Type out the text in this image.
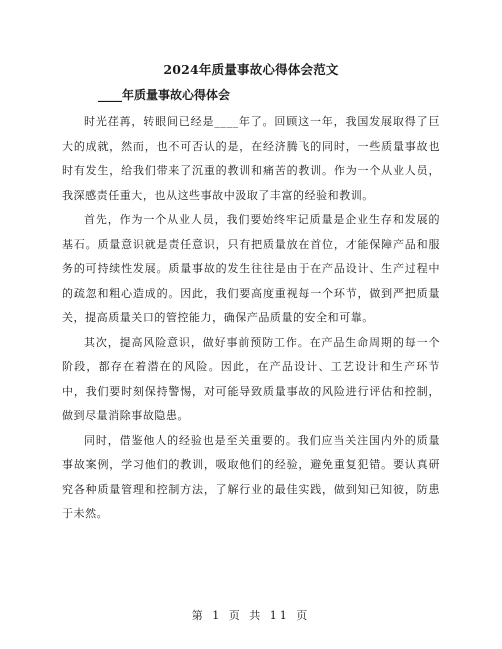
2024年质量事故心得体会范文
____年质量事故心得体会

时光荏苒，转眼间已经是____年了。回顾这一年，我国发展取得了巨大的成就，然而，也不可否认的是，在经济腾飞的同时，一些质量事故也时有发生，给我们带来了沉重的教训和痛苦的教训。作为一个从业人员，我深感责任重大，也从这些事故中汲取了丰富的经验和教训。

首先，作为一个从业人员，我们要始终牢记质量是企业生存和发展的基石。质量意识就是责任意识，只有把质量放在首位，才能保障产品和服务的可持续性发展。质量事故的发生往往是由于在产品设计、生产过程中的疏忽和粗心造成的。因此，我们要高度重视每一个环节，做到严把质量关，提高质量关口的管控能力，确保产品质量的安全和可靠。

其次，提高风险意识，做好事前预防工作。在产品生命周期的每一个阶段，都存在着潜在的风险。因此，在产品设计、工艺设计和生产环节中，我们要时刻保持警惕，对可能导致质量事故的风险进行评估和控制，做到尽量消除事故隐患。

同时，借鉴他人的经验也是至关重要的。我们应当关注国内外的质量事故案例，学习他们的教训，吸取他们的经验，避免重复犯错。要认真研究各种质量管理和控制方法，了解行业的最佳实践，做到知已知彼，防患于未然。

第 1 页 共 11 页
